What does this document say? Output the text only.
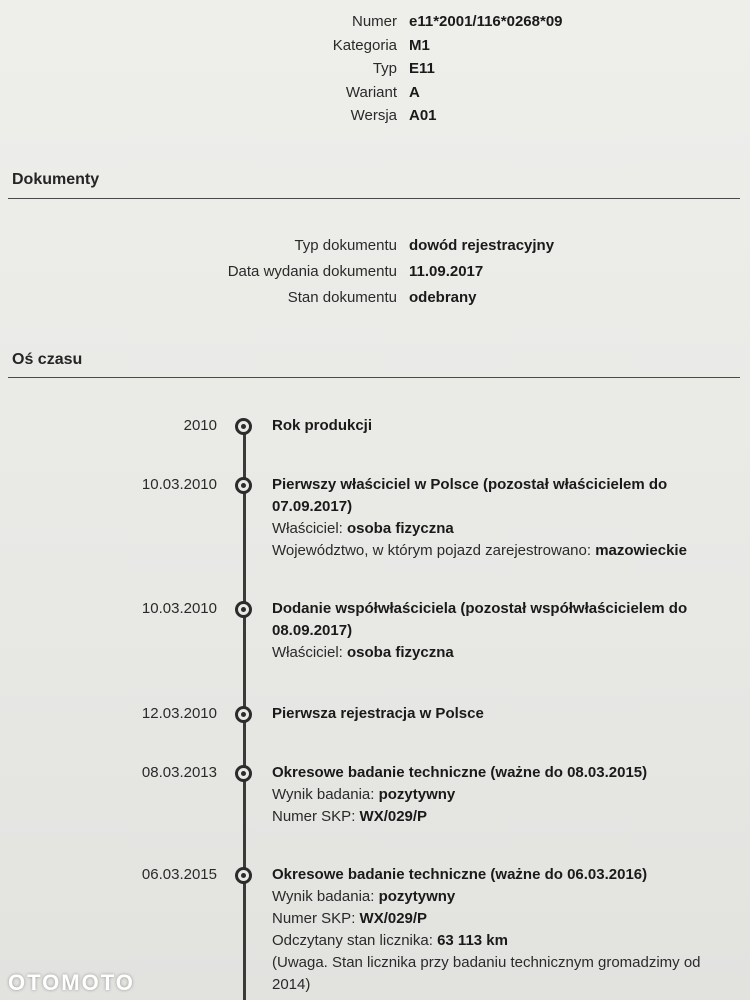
Numer e11*2001/116*0268*09
Kategoria M1
Typ E11
Wariant A
Wersja A01
Dokumenty
Typ dokumentu dowód rejestracyjny
Data wydania dokumentu 11.09.2017
Stan dokumentu odebrany
Oś czasu
2010	Rok produkcji
10.03.2010	Pierwszy właściciel w Polsce (pozostał właścicielem do 07.09.2017)
Właściciel: osoba fizyczna
Województwo, w którym pojazd zarejestrowano: mazowieckie
10.03.2010	Dodanie współwłaściciela (pozostał współwłaścicielem do 08.09.2017)
Właściciel: osoba fizyczna
12.03.2010	Pierwsza rejestracja w Polsce
08.03.2013	Okresowe badanie techniczne (ważne do 08.03.2015)
Wynik badania: pozytywny
Numer SKP: WX/029/P
06.03.2015	Okresowe badanie techniczne (ważne do 06.03.2016)
Wynik badania: pozytywny
Numer SKP: WX/029/P
Odczytany stan licznika: 63 113 km
(Uwaga. Stan licznika przy badaniu technicznym gromadzimy od 2014)
OTOMOTO
